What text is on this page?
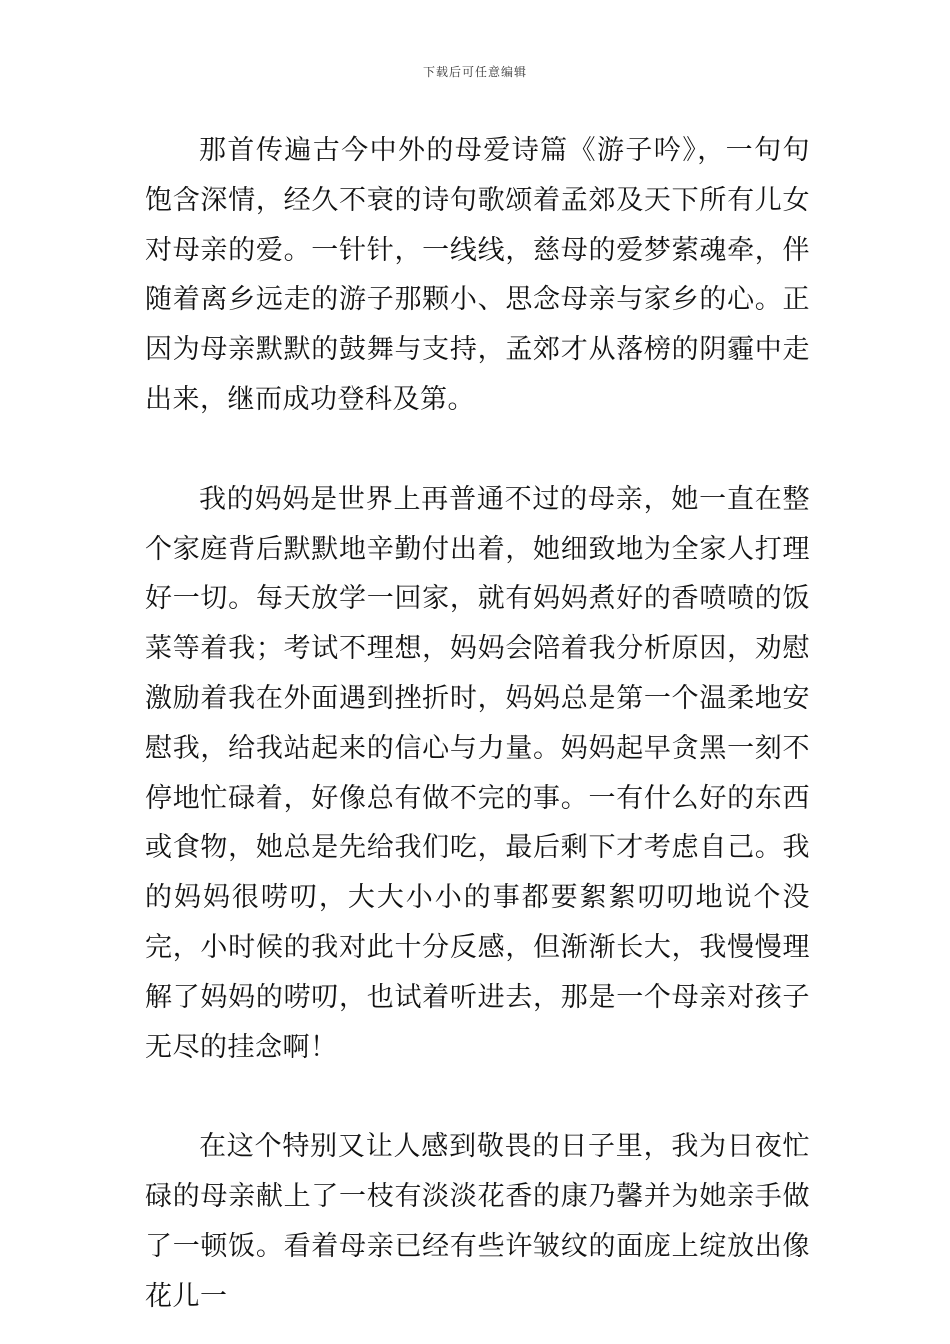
下载后可任意编辑

那首传遍古今中外的母爱诗篇《游子吟》，一句句饱含深情，经久不衰的诗句歌颂着孟郊及天下所有儿女对母亲的爱。一针针，一线线，慈母的爱梦萦魂牵，伴随着离乡远走的游子那颗小、思念母亲与家乡的心。正因为母亲默默的鼓舞与支持，孟郊才从落榜的阴霾中走出来，继而成功登科及第。

我的妈妈是世界上再普通不过的母亲，她一直在整个家庭背后默默地辛勤付出着，她细致地为全家人打理好一切。每天放学一回家，就有妈妈煮好的香喷喷的饭菜等着我；考试不理想，妈妈会陪着我分析原因，劝慰激励着我在外面遇到挫折时，妈妈总是第一个温柔地安慰我，给我站起来的信心与力量。妈妈起早贪黑一刻不停地忙碌着，好像总有做不完的事。一有什么好的东西或食物，她总是先给我们吃，最后剩下才考虑自己。我的妈妈很唠叨，大大小小的事都要絮絮叨叨地说个没完，小时候的我对此十分反感，但渐渐长大，我慢慢理解了妈妈的唠叨，也试着听进去，那是一个母亲对孩子无尽的挂念啊！

在这个特别又让人感到敬畏的日子里，我为日夜忙碌的母亲献上了一枝有淡淡花香的康乃馨并为她亲手做了一顿饭。看着母亲已经有些许皱纹的面庞上绽放出像花儿一
